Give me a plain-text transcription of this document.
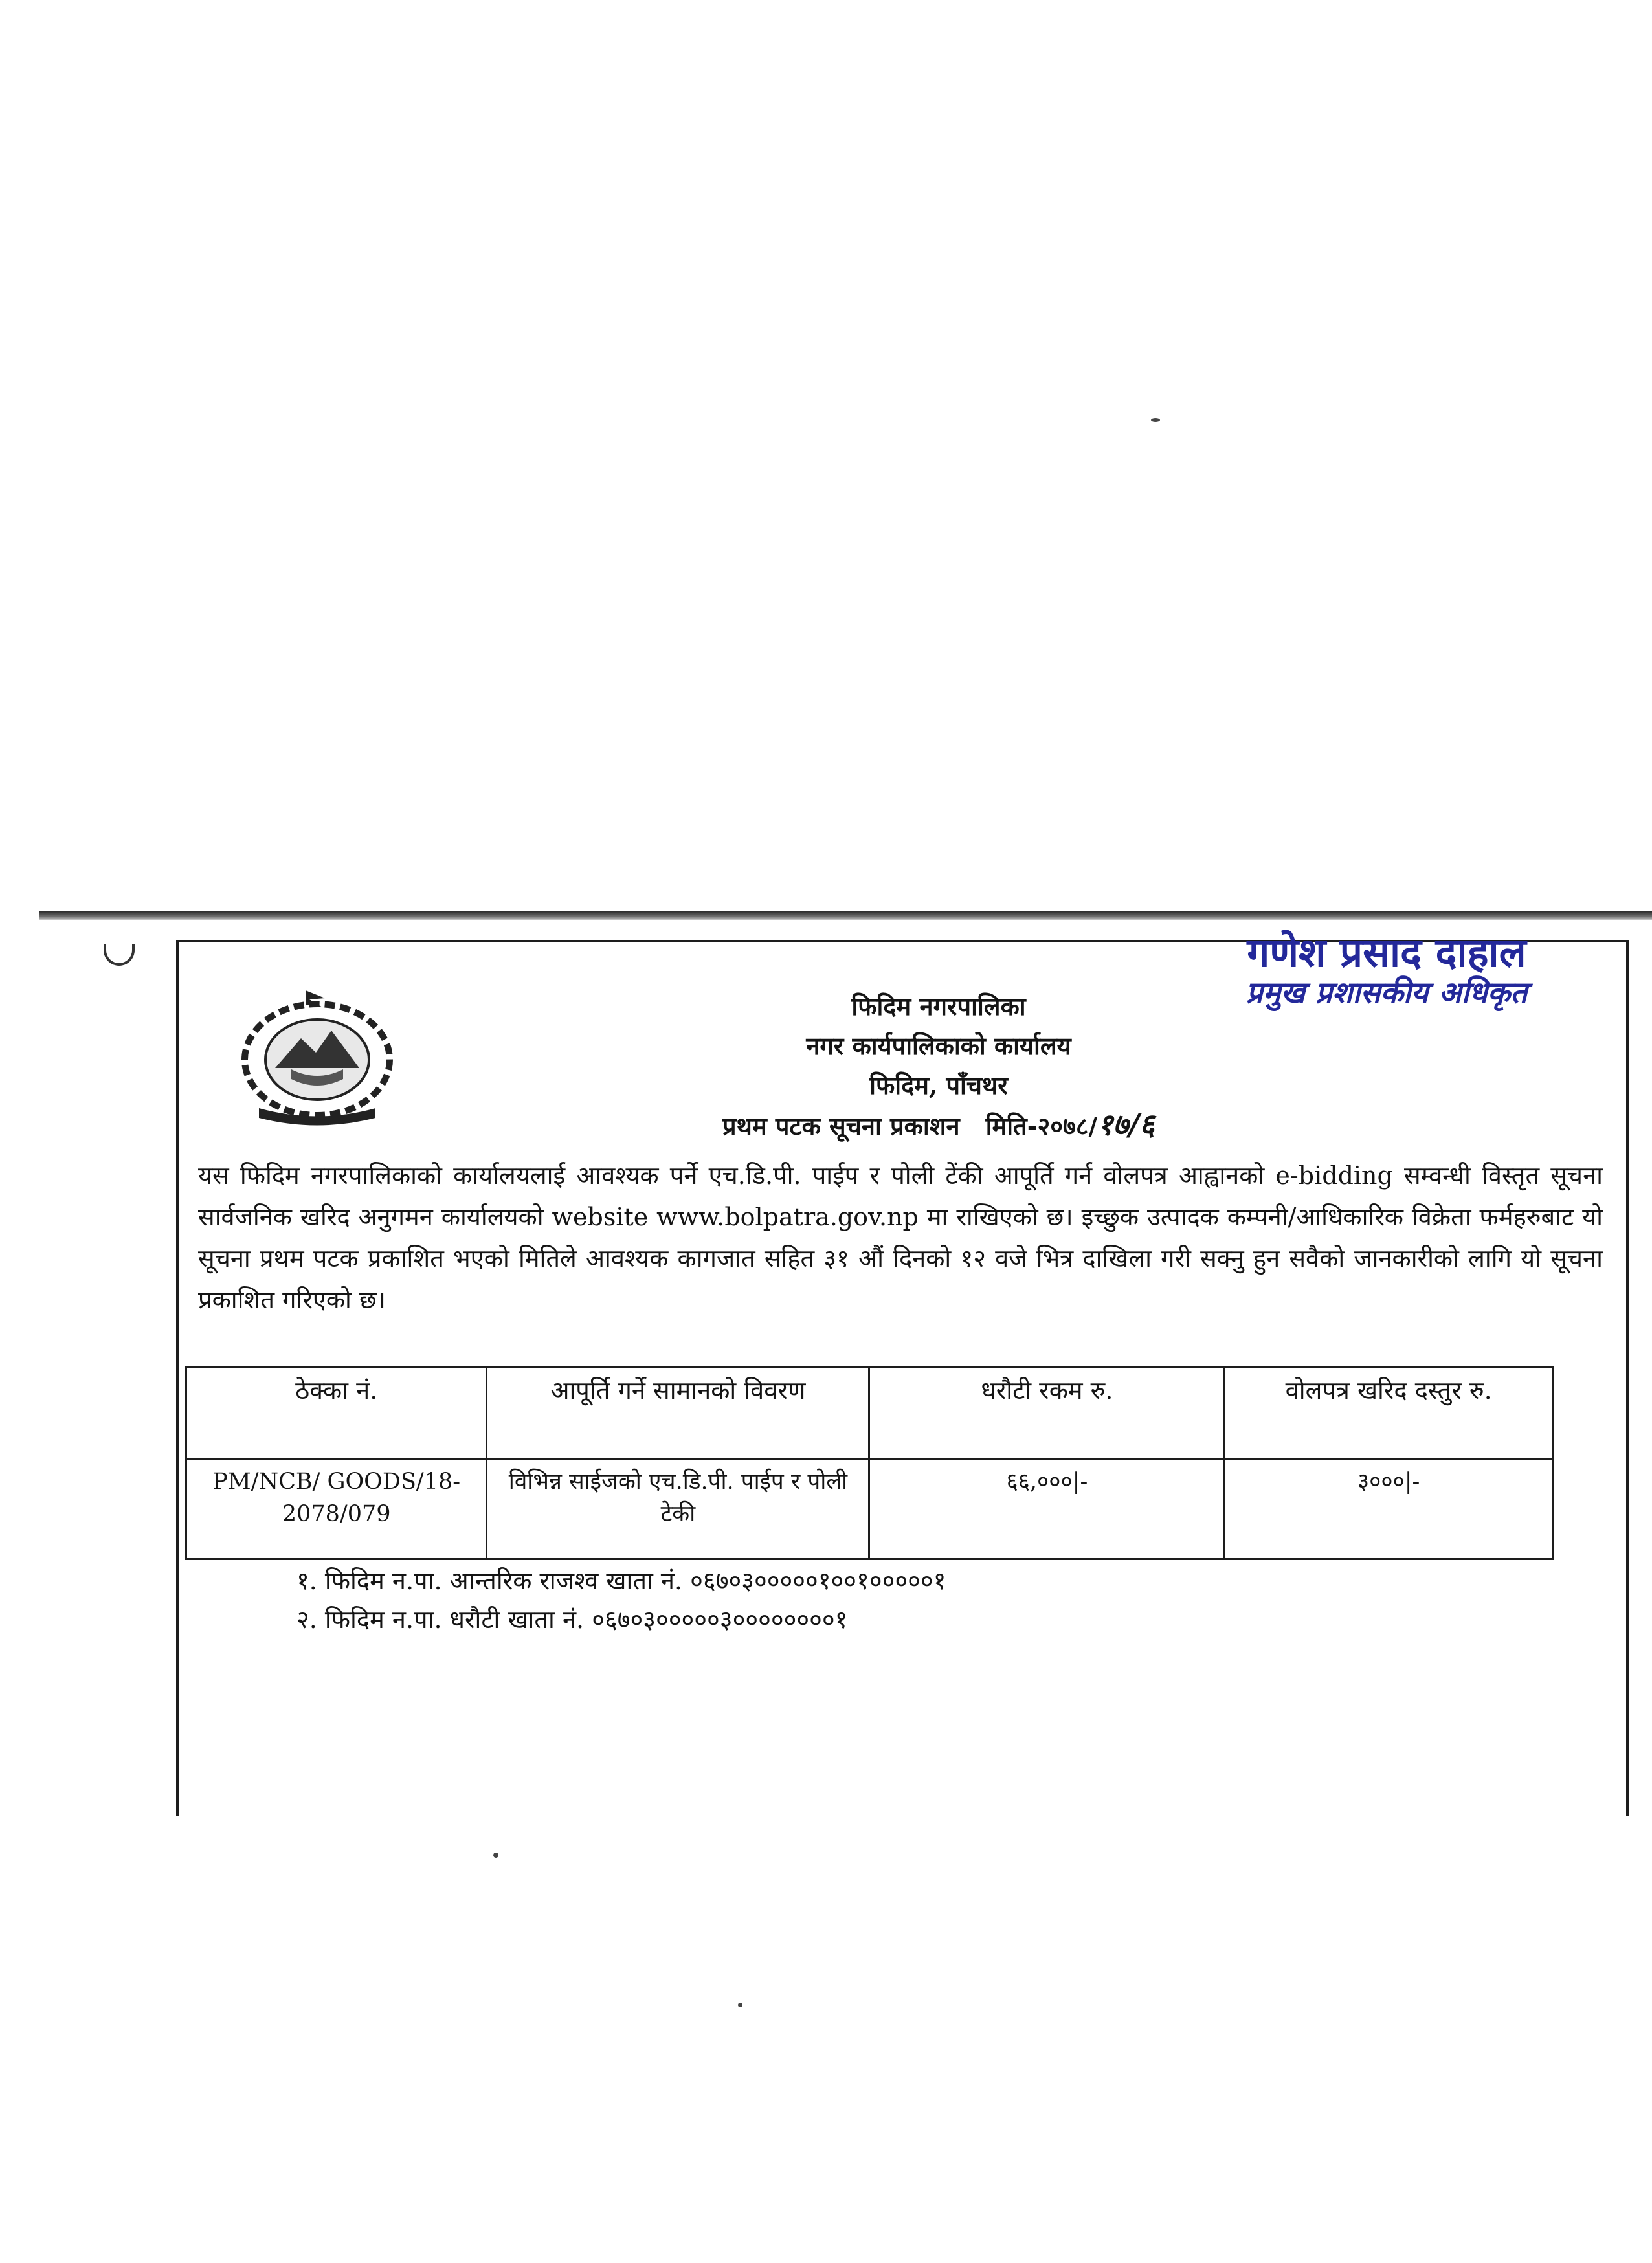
गणेश प्रसाद दाहाल
प्रमुख प्रशासकीय अधिकृत
फिदिम नगरपालिका
नगर कार्यपालिकाको कार्यालय
फिदिम, पाँचथर
प्रथम पटक सूचना प्रकाशन मिति-२०७८/१७/६
यस फिदिम नगरपालिकाको कार्यालयलाई आवश्यक पर्ने एच.डि.पी. पाईप र पोली टेंकी आपूर्ति गर्न वोलपत्र आह्वानको e-bidding सम्वन्धी विस्तृत सूचना सार्वजनिक खरिद अनुगमन कार्यालयको website www.bolpatra.gov.np मा राखिएको छ। इच्छुक उत्पादक कम्पनी/आधिकारिक विक्रेता फर्महरुबाट यो सूचना प्रथम पटक प्रकाशित भएको मितिले आवश्यक कागजात सहित ३१ औं दिनको १२ वजे भित्र दाखिला गरी सक्नु हुन सवैको जानकारीको लागि यो सूचना प्रकाशित गरिएको छ।
ठेक्का नं.	आपूर्ति गर्ने सामानको विवरण	धरौटी रकम रु.	वोलपत्र खरिद दस्तुर रु.
PM/NCB/ GOODS/18-2078/079	विभिन्न साईजको एच.डि.पी. पाईप र पोली टेकी	६६,०००|-	३०००|-
१. फिदिम न.पा. आन्तरिक राजश्व खाता नं. ०६७०३०००००१००१०००००१
२. फिदिम न.पा. धरौटी खाता नं. ०६७०३०००००३००००००००१
